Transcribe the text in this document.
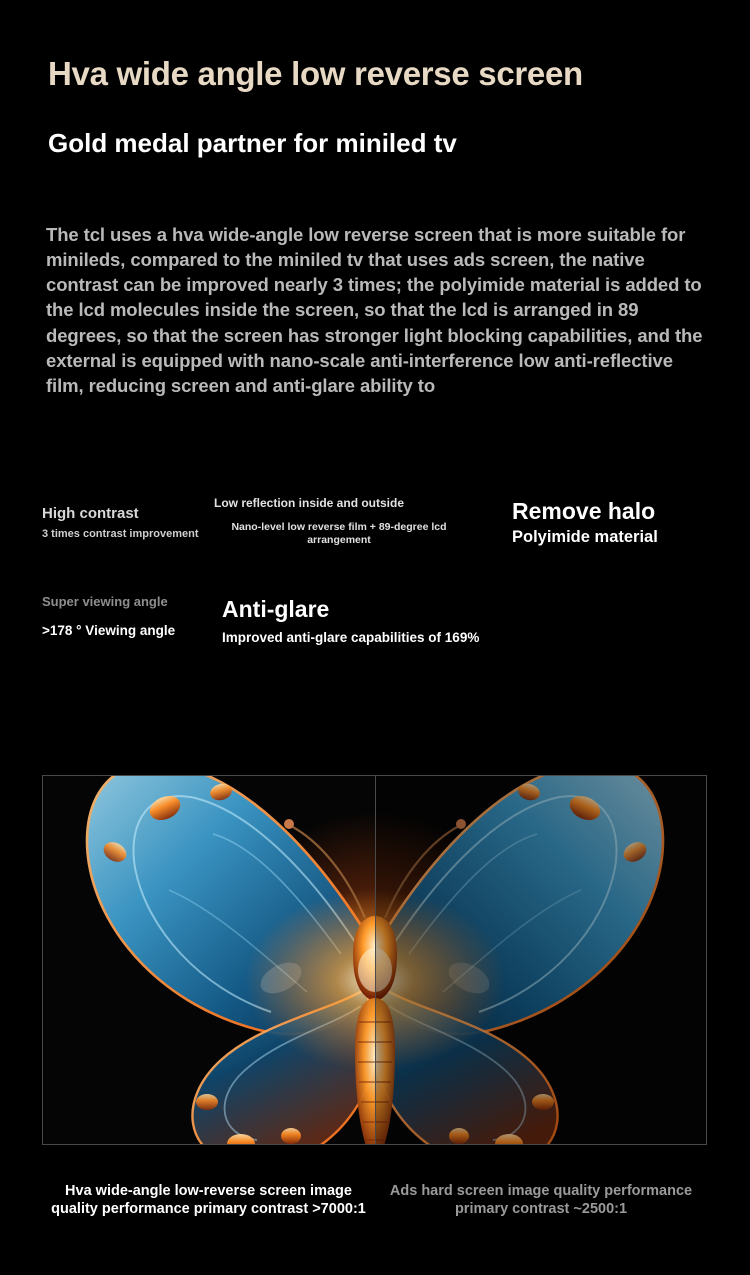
Hva wide angle low reverse screen
Gold medal partner for miniled tv

The tcl uses a hva wide-angle low reverse screen that is more suitable for minileds, compared to the miniled tv that uses ads screen, the native contrast can be improved nearly 3 times; the polyimide material is added to the lcd molecules inside the screen, so that the lcd is arranged in 89 degrees, so that the screen has stronger light blocking capabilities, and the external is equipped with nano-scale anti-interference low anti-reflective film, reducing screen and anti-glare ability to

High contrast
3 times contrast improvement
Low reflection inside and outside
Nano-level low reverse film + 89-degree lcd arrangement
Remove halo
Polyimide material
Super viewing angle
>178 ° Viewing angle
Anti-glare
Improved anti-glare capabilities of 169%
Hva wide-angle low-reverse screen image quality performance primary contrast >7000:1
Ads hard screen image quality performance primary contrast ~2500:1
